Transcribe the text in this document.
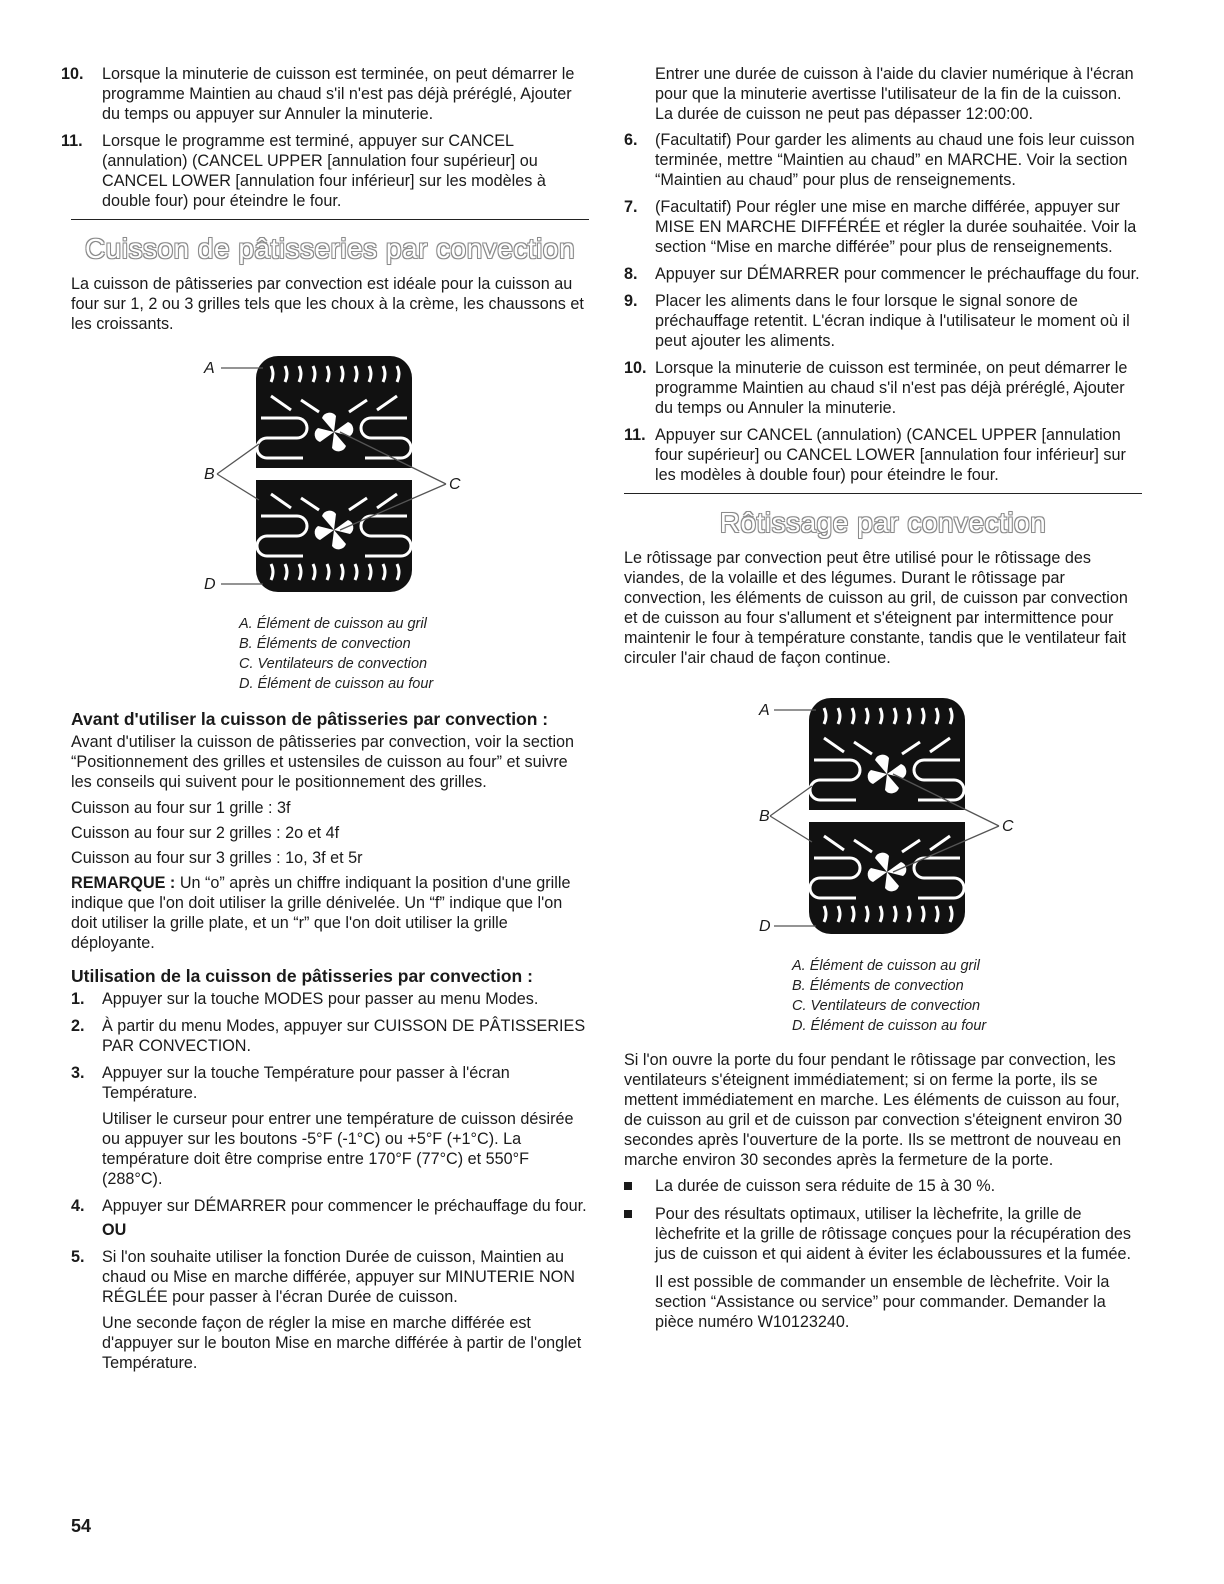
10. Lorsque la minuterie de cuisson est terminée, on peut démarrer le programme Maintien au chaud s'il n'est pas déjà préréglé, Ajouter du temps ou appuyer sur Annuler la minuterie.
11. Lorsque le programme est terminé, appuyer sur CANCEL (annulation) (CANCEL UPPER [annulation four supérieur] ou CANCEL LOWER [annulation four inférieur] sur les modèles à double four) pour éteindre le four.
Cuisson de pâtisseries par convection

La cuisson de pâtisseries par convection est idéale pour la cuisson au four sur 1, 2 ou 3 grilles tels que les choux à la crème, les chaussons et les croissants.

A
B
C
D
A. Élément de cuisson au gril
B. Éléments de convection
C. Ventilateurs de convection
D. Élément de cuisson au four
Avant d'utiliser la cuisson de pâtisseries par convection :

Avant d'utiliser la cuisson de pâtisseries par convection, voir la section “Positionnement des grilles et ustensiles de cuisson au four” et suivre les conseils qui suivent pour le positionnement des grilles.

Cuisson au four sur 1 grille : 3f

Cuisson au four sur 2 grilles : 2o et 4f

Cuisson au four sur 3 grilles : 1o, 3f et 5r

REMARQUE : Un “o” après un chiffre indiquant la position d'une grille indique que l'on doit utiliser la grille dénivelée. Un “f” indique que l'on doit utiliser la grille plate, et un “r” que l'on doit utiliser la grille déployante.

Utilisation de la cuisson de pâtisseries par convection :
1. Appuyer sur la touche MODES pour passer au menu Modes.
2. À partir du menu Modes, appuyer sur CUISSON DE PÂTISSERIES PAR CONVECTION.
3. Appuyer sur la touche Température pour passer à l'écran Température.
Utiliser le curseur pour entrer une température de cuisson désirée ou appuyer sur les boutons -5°F (-1°C) ou +5°F (+1°C). La température doit être comprise entre 170°F (77°C) et 550°F (288°C).
4. Appuyer sur DÉMARRER pour commencer le préchauffage du four.
OU
5. Si l'on souhaite utiliser la fonction Durée de cuisson, Maintien au chaud ou Mise en marche différée, appuyer sur MINUTERIE NON RÉGLÉE pour passer à l'écran Durée de cuisson.
Une seconde façon de régler la mise en marche différée est d'appuyer sur le bouton Mise en marche différée à partir de l'onglet Température.

Entrer une durée de cuisson à l'aide du clavier numérique à l'écran pour que la minuterie avertisse l'utilisateur de la fin de la cuisson. La durée de cuisson ne peut pas dépasser 12:00:00.

6. (Facultatif) Pour garder les aliments au chaud une fois leur cuisson terminée, mettre “Maintien au chaud” en MARCHE. Voir la section “Maintien au chaud” pour plus de renseignements.
7. (Facultatif) Pour régler une mise en marche différée, appuyer sur MISE EN MARCHE DIFFÉRÉE et régler la durée souhaitée. Voir la section “Mise en marche différée” pour plus de renseignements.
8. Appuyer sur DÉMARRER pour commencer le préchauffage du four.
9. Placer les aliments dans le four lorsque le signal sonore de préchauffage retentit. L'écran indique à l'utilisateur le moment où il peut ajouter les aliments.
10. Lorsque la minuterie de cuisson est terminée, on peut démarrer le programme Maintien au chaud s'il n'est pas déjà préréglé, Ajouter du temps ou Annuler la minuterie.
11. Appuyer sur CANCEL (annulation) (CANCEL UPPER [annulation four supérieur] ou CANCEL LOWER [annulation four inférieur] sur les modèles à double four) pour éteindre le four.
Rôtissage par convection

Le rôtissage par convection peut être utilisé pour le rôtissage des viandes, de la volaille et des légumes. Durant le rôtissage par convection, les éléments de cuisson au gril, de cuisson par convection et de cuisson au four s'allument et s'éteignent par intermittence pour maintenir le four à température constante, tandis que le ventilateur fait circuler l'air chaud de façon continue.

A
B
C
D
A. Élément de cuisson au gril
B. Éléments de convection
C. Ventilateurs de convection
D. Élément de cuisson au four

Si l'on ouvre la porte du four pendant le rôtissage par convection, les ventilateurs s'éteignent immédiatement; si on ferme la porte, ils se mettent immédiatement en marche. Les éléments de cuisson au four, de cuisson au gril et de cuisson par convection s'éteignent environ 30 secondes après l'ouverture de la porte. Ils se mettront de nouveau en marche environ 30 secondes après la fermeture de la porte.

La durée de cuisson sera réduite de 15 à 30 %.
Pour des résultats optimaux, utiliser la lèchefrite, la grille de lèchefrite et la grille de rôtissage conçues pour la récupération des jus de cuisson et qui aident à éviter les éclaboussures et la fumée.

Il est possible de commander un ensemble de lèchefrite. Voir la section “Assistance ou service” pour commander. Demander la pièce numéro W10123240.

54
